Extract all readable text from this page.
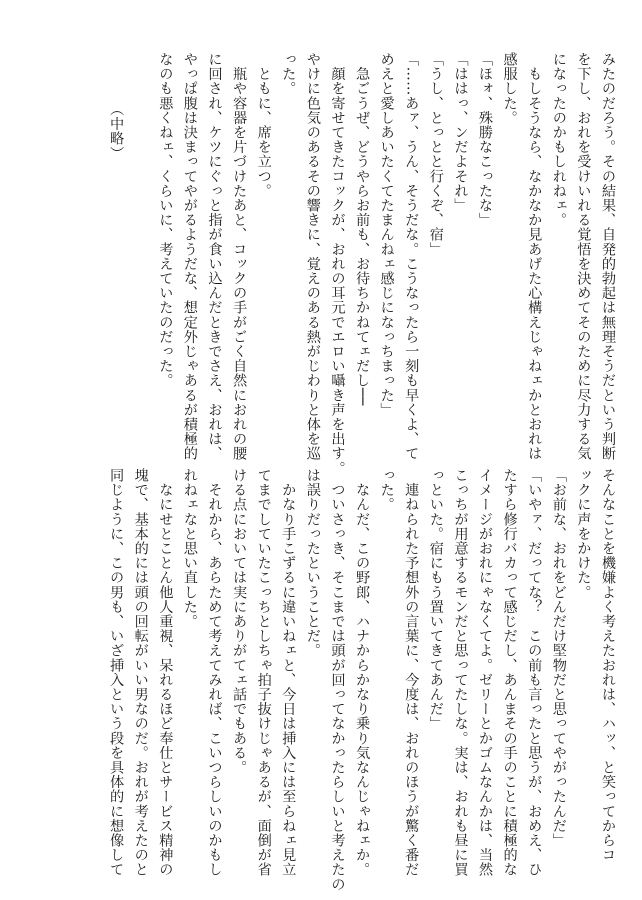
みたのだろう。その結果、自発的勃起は無理そうだという判断
を下し、おれを受けいれる覚悟を決めてそのために尽力する気
になったのかもしれねェ。
　もしそうなら、なかなか見あげた心構えじゃねェかとおれは
感服した。
「ほォ、殊勝なこったな」
「ははっ、ンだよそれ」
「うし、とっとと行くぞ、宿」
「……あァ、うん、そうだな。こうなったら一刻も早くよ、て
めえと愛しあいたくてたまんねェ感じになっちまった」
　急ごうぜ、どうやらお前も、お待ちかねてェだし──
　顔を寄せてきたコックが、おれの耳元でエロい囁き声を出す。
やけに色気のあるその響きに、覚えのある熱がじわりと体を巡
った。
　ともに、席を立つ。
　瓶や容器を片づけたあと、コックの手がごく自然におれの腰
に回され、ケツにぐっと指が食い込んだときでさえ、おれは、
やっぱ腹は決まってやがるようだな、想定外じゃあるが積極的
なのも悪くねェ、くらいに、考えていたのだった。
（中略）
そんなことを機嫌よく考えたおれは、ハッ、と笑ってからコ
ックに声をかけた。
「お前な、おれをどんだけ堅物だと思ってやがったんだ」
「いやァ、だってな？　この前も言ったと思うが、おめえ、ひ
たすら修行バカって感じだし、あんまその手のことに積極的な
イメージがおれにゃなくてよ。ゼリーとかゴムなんかは、当然
こっちが用意するモンだと思ってたしな。実は、おれも昼に買
っといた。宿にもう置いてきてあんだ」
　連ねられた予想外の言葉に、今度は、おれのほうが驚く番だ
った。
　なんだ、この野郎、ハナからかなり乗り気なんじゃねェか。
　ついさっき、そこまでは頭が回ってなかったらしいと考えたの
は誤りだったということだ。
　かなり手こずるに違いねェと、今日は挿入には至らねェ見立
てまでしていたこっちとしちゃ拍子抜けじゃあるが、面倒が省
ける点においては実にありがてェ話でもある。
　それから、あらためて考えてみれば、こいつらしいのかもし
れねェなと思い直した。
　なにせとことん他人重視、呆れるほど奉仕とサービス精神の
塊で、基本的には頭の回転がいい男なのだ。おれが考えたのと
同じように、この男も、いざ挿入という段を具体的に想像して
